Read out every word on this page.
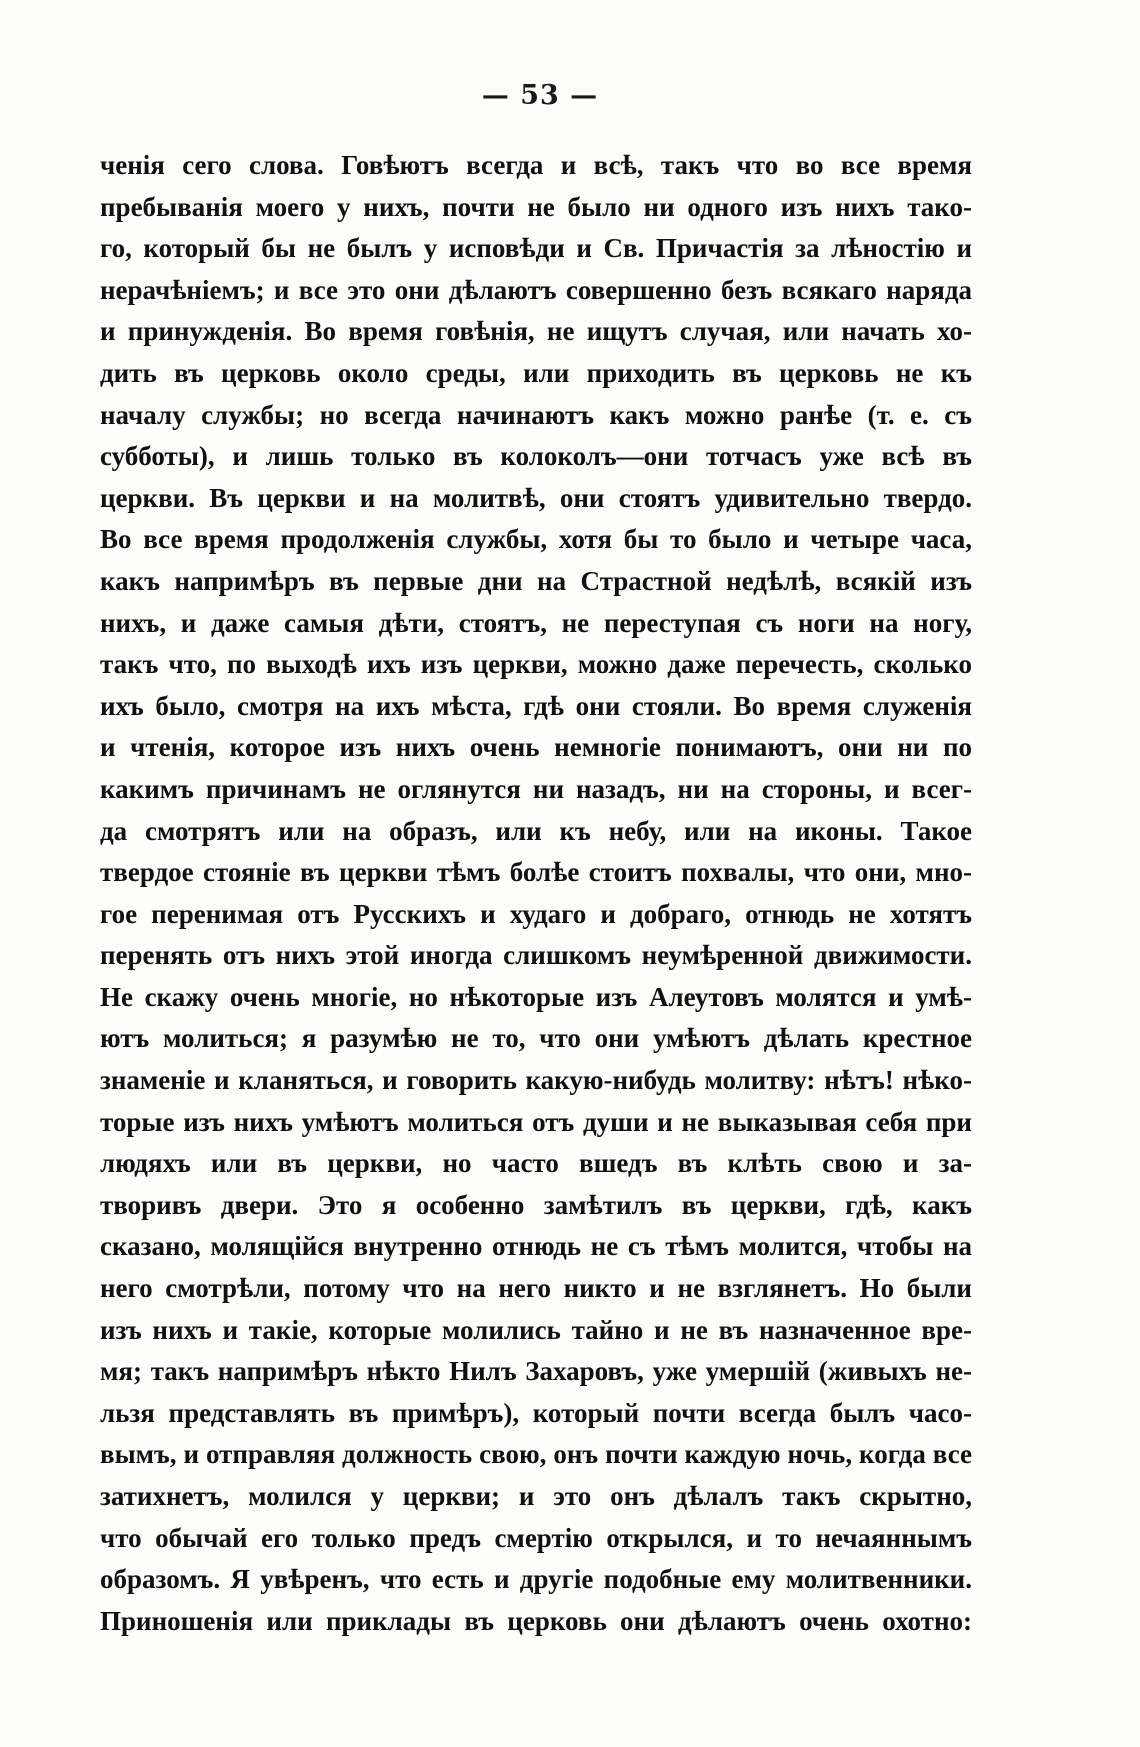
— 53 —
ченія сего слова. Говѣютъ всегда и всѣ, такъ что во все время
пребыванія моего у нихъ, почти не было ни одного изъ нихъ тако-
го, который бы не былъ у исповѣди и Св. Причастія за лѣностію и
нерачѣніемъ; и все это они дѣлаютъ совершенно безъ всякаго наряда
и принужденія. Во время говѣнія, не ищутъ случая, или начать хо-
дить въ церковь около среды, или приходить въ церковь не къ
началу службы; но всегда начинаютъ какъ можно ранѣе (т. е. съ
субботы), и лишь только въ колоколъ—они тотчасъ уже всѣ въ
церкви. Въ церкви и на молитвѣ, они стоятъ удивительно твердо.
Во все время продолженія службы, хотя бы то было и четыре часа,
какъ напримѣръ въ первые дни на Страстной недѣлѣ, всякій изъ
нихъ, и даже самыя дѣти, стоятъ, не переступая съ ноги на ногу,
такъ что, по выходѣ ихъ изъ церкви, можно даже перечесть, сколько
ихъ было, смотря на ихъ мѣста, гдѣ они стояли. Во время служенія
и чтенія, которое изъ нихъ очень немногіе понимаютъ, они ни по
какимъ причинамъ не оглянутся ни назадъ, ни на стороны, и всег-
да смотрятъ или на образъ, или къ небу, или на иконы. Такое
твердое стояніе въ церкви тѣмъ болѣе стоитъ похвалы, что они, мно-
гое перенимая отъ Русскихъ и худаго и добраго, отнюдь не хотятъ
перенять отъ нихъ этой иногда слишкомъ неумѣренной движимости.
Не скажу очень многіе, но нѣкоторые изъ Алеутовъ молятся и умѣ-
ютъ молиться; я разумѣю не то, что они умѣютъ дѣлать крестное
знаменіе и кланяться, и говорить какую-нибудь молитву: нѣтъ! нѣко-
торые изъ нихъ умѣютъ молиться отъ души и не выказывая себя при
людяхъ или въ церкви, но часто вшедъ въ клѣть свою и за-
творивъ двери. Это я особенно замѣтилъ въ церкви, гдѣ, какъ
сказано, молящійся внутренно отнюдь не съ тѣмъ молится, чтобы на
него смотрѣли, потому что на него никто и не взглянетъ. Но были
изъ нихъ и такіе, которые молились тайно и не въ назначенное вре-
мя; такъ напримѣръ нѣкто Нилъ Захаровъ, уже умершій (живыхъ не-
льзя представлять въ примѣръ), который почти всегда былъ часо-
вымъ, и отправляя должность свою, онъ почти каждую ночь, когда все
затихнетъ, молился у церкви; и это онъ дѣлалъ такъ скрытно,
что обычай его только предъ смертію открылся, и то нечаяннымъ
образомъ. Я увѣренъ, что есть и другіе подобные ему молитвенники.
Приношенія или приклады въ церковь они дѣлаютъ очень охотно:
